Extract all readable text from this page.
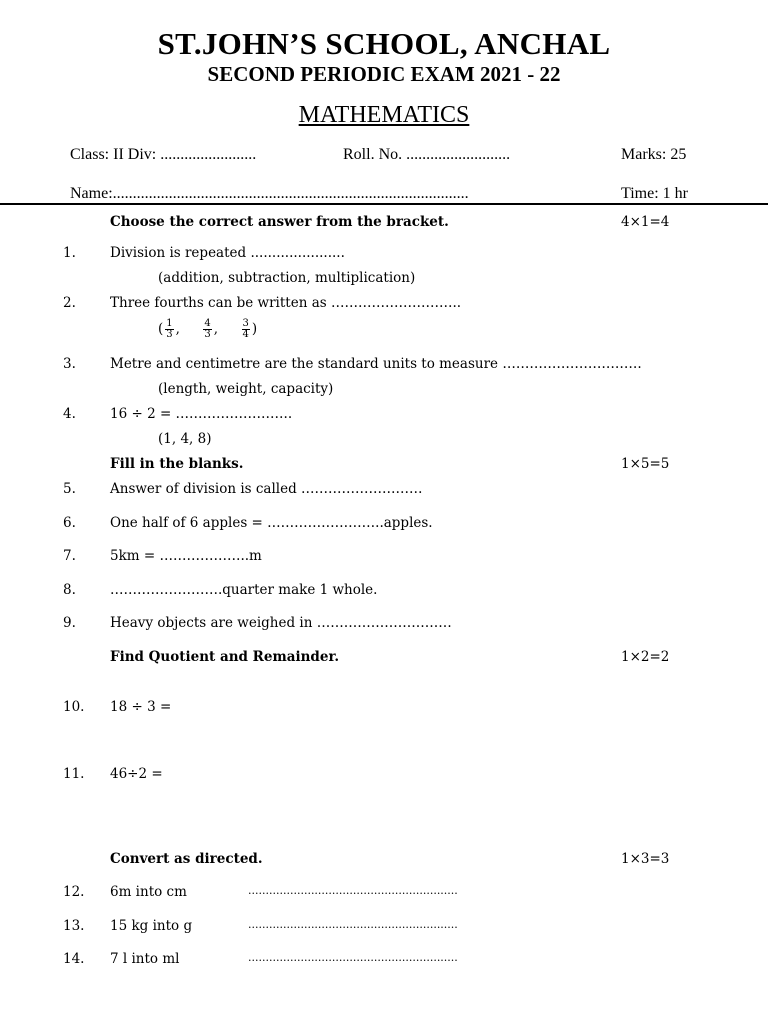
ST.JOHN’S SCHOOL, ANCHAL
SECOND PERIODIC EXAM 2021 - 22
MATHEMATICS
Class: II Div: ........................	Roll. No. ..........................	Marks: 25
Name:.........................................................................................	Time: 1 hr
Choose the correct answer from the bracket.	4×1=4
1.	Division is repeated ......................
(addition, subtraction, multiplication)
2.	Three fourths can be written as ………………………..
( $\frac{1}{3}$ , $\frac{4}{3}$ , $\frac{3}{4}$ )
3.	Metre and centimetre are the standard units to measure ………………………….
(length, weight, capacity)
4.	16 ÷ 2 = ……………………..
(1, 4, 8)
Fill in the blanks.	1×5=5
5.	Answer of division is called ………………………
6.	One half of 6 apples = ……………………..apples.
7.	5km = ………………..m
8.	…………………….quarter make 1 whole.
9.	Heavy objects are weighed in …………………………
Find Quotient and Remainder.	1×2=2
10. 18 ÷ 3 =
11. 46÷2 =
Convert as directed.	1×3=3
12. 6m into cm	............................................................
13. 15 kg into g	............................................................
14. 7 l into ml	............................................................
